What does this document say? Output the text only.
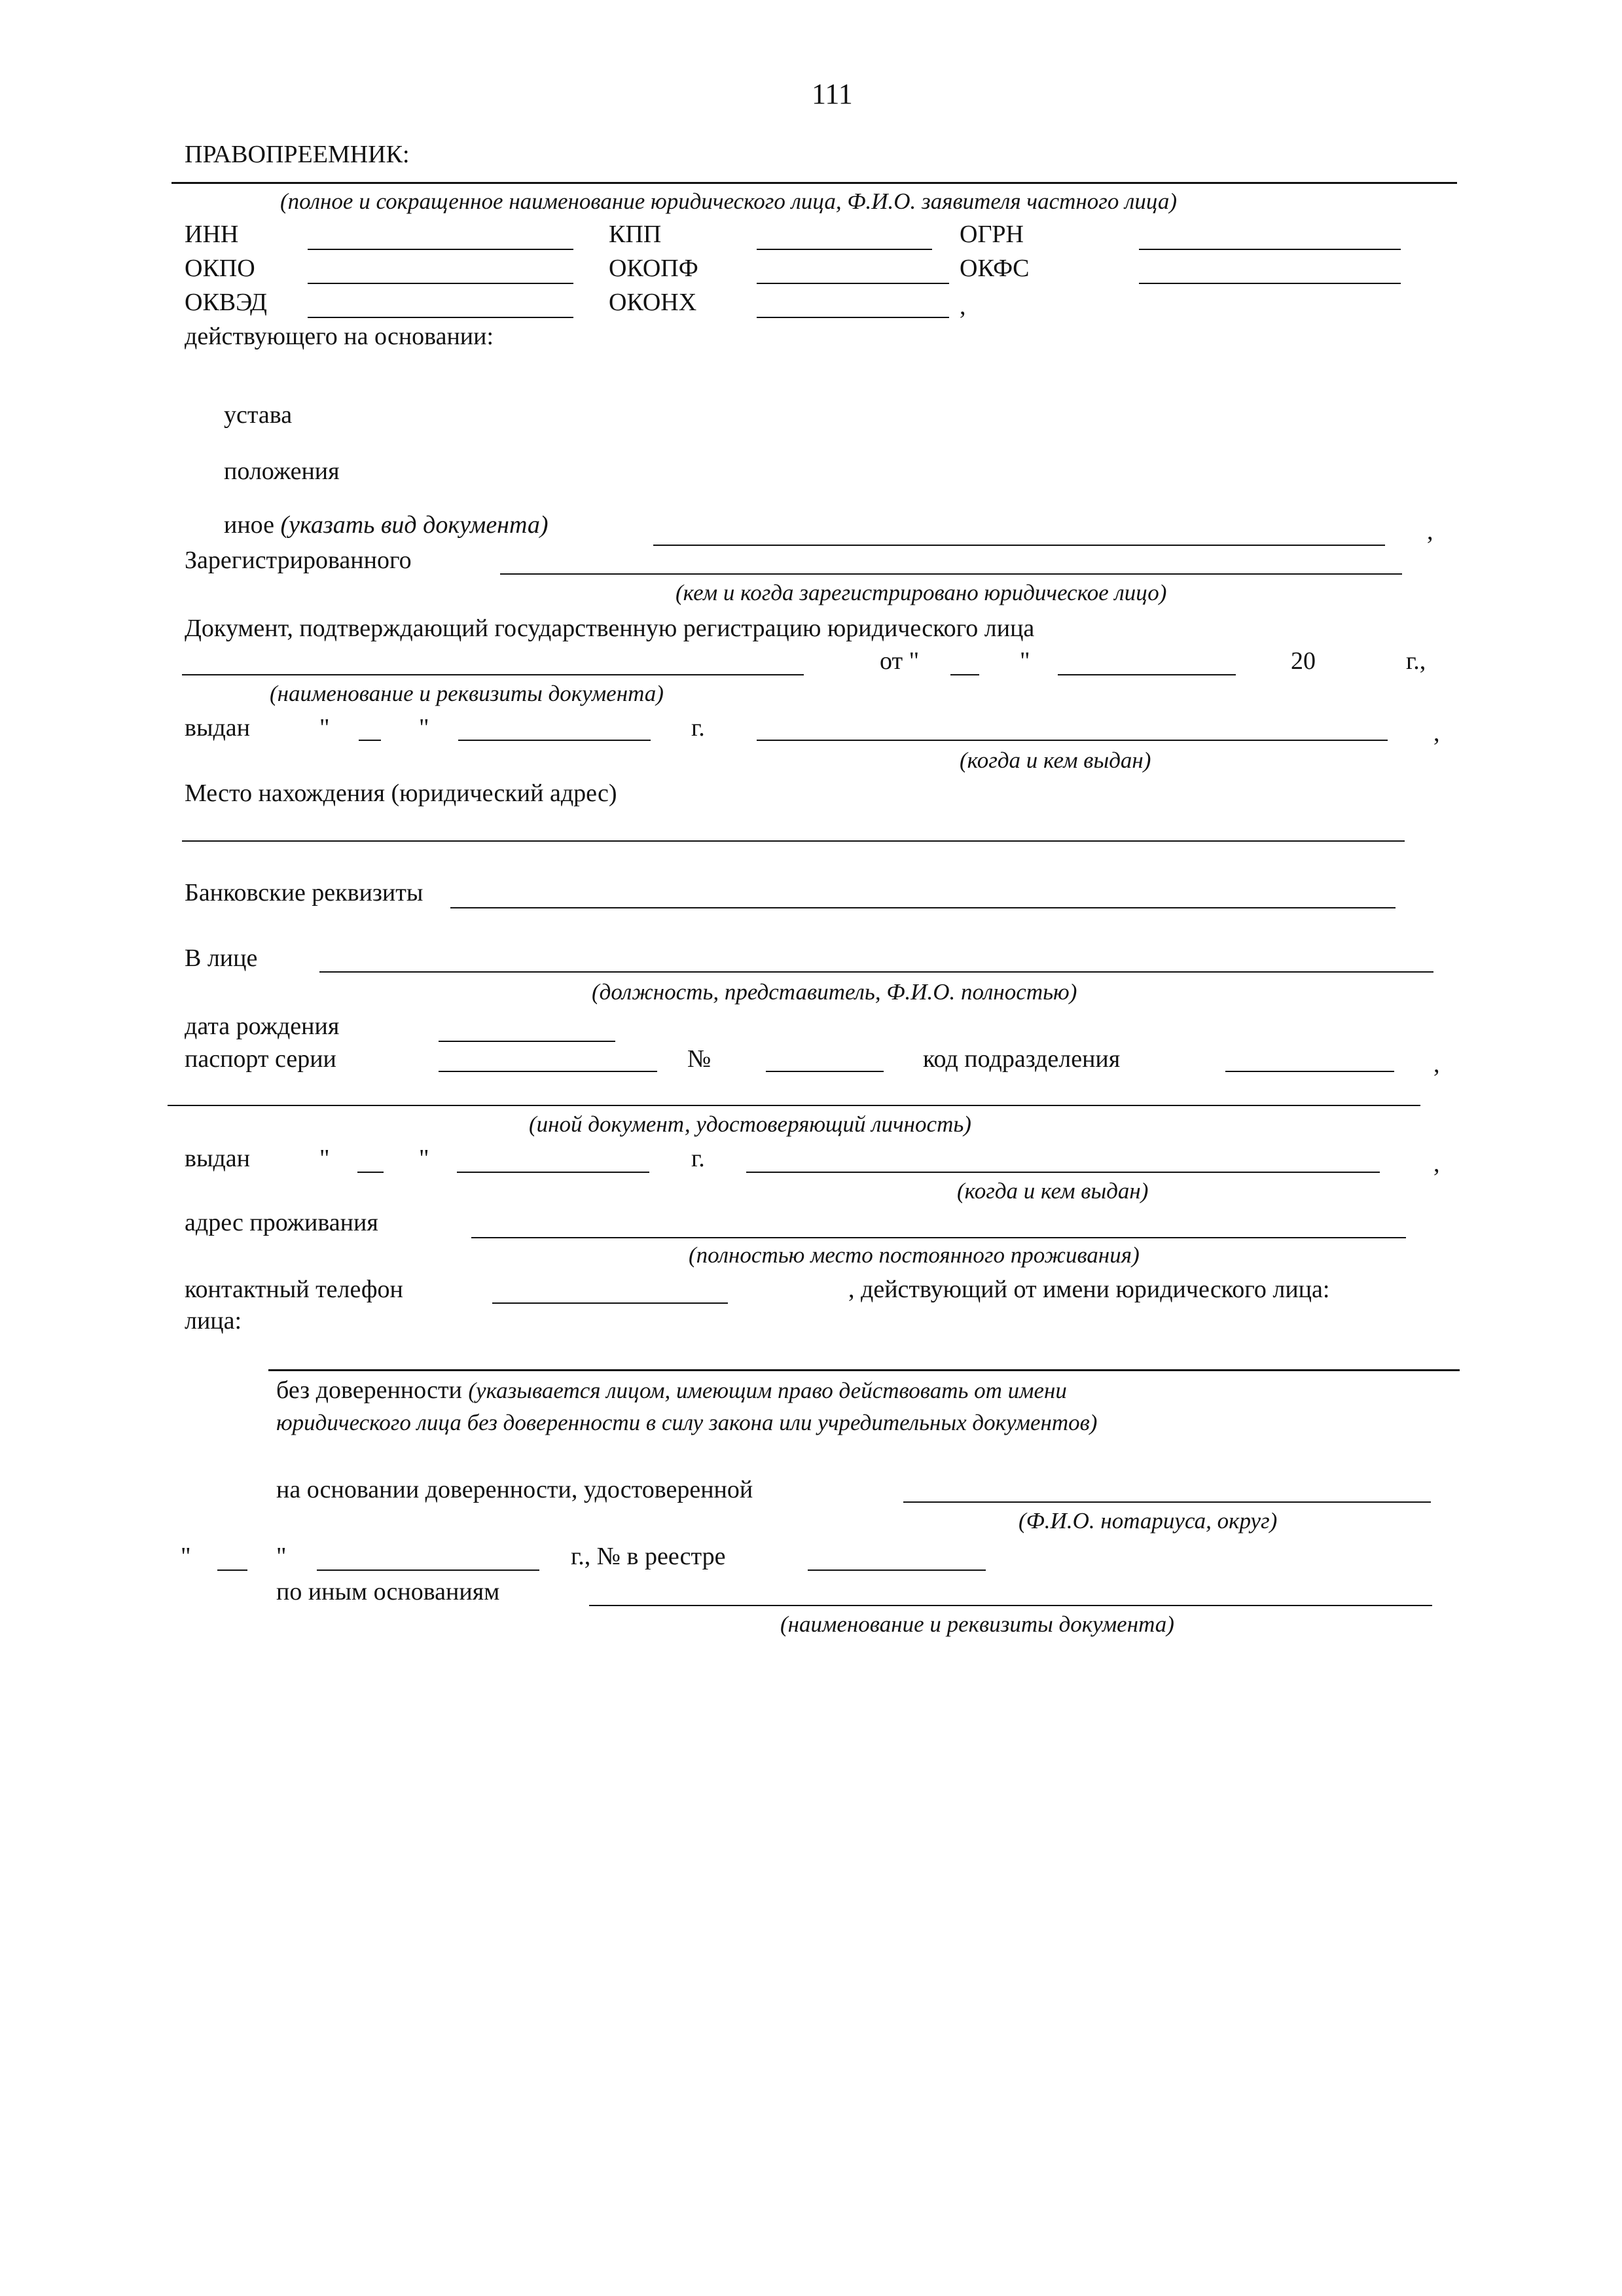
111
ПРАВОПРЕЕМНИК:
(полное и сокращенное наименование юридического лица, Ф.И.О. заявителя частного лица)
ИНН	КПП	ОГРН
ОКПО	ОКОПФ	ОКФС
ОКВЭД	ОКОНХ	,
действующего на основании:
устава
положения
иное (указать вид документа)	,
Зарегистрированного
(кем и когда зарегистрировано юридическое лицо)
Документ, подтверждающий государственную регистрацию юридического лица
от "	"	20	г.,
(наименование и реквизиты документа)
выдан	"	"	г.	,
(когда и кем выдан)
Место нахождения (юридический адрес)
Банковские реквизиты
В лице
(должность, представитель, Ф.И.О. полностью)
дата рождения
паспорт серии	№	код подразделения	,
(иной документ, удостоверяющий личность)
выдан	"	"	г.	,
(когда и кем выдан)
адрес проживания
(полностью место постоянного проживания)
контактный телефон	, действующий от имени юридического лица:
лица:
без доверенности (указывается лицом, имеющим право действовать от имени
юридического лица без доверенности в силу закона или учредительных документов)
на основании доверенности, удостоверенной
(Ф.И.О. нотариуса, округ)
"	"	г., № в реестре
по иным основаниям
(наименование и реквизиты документа)
